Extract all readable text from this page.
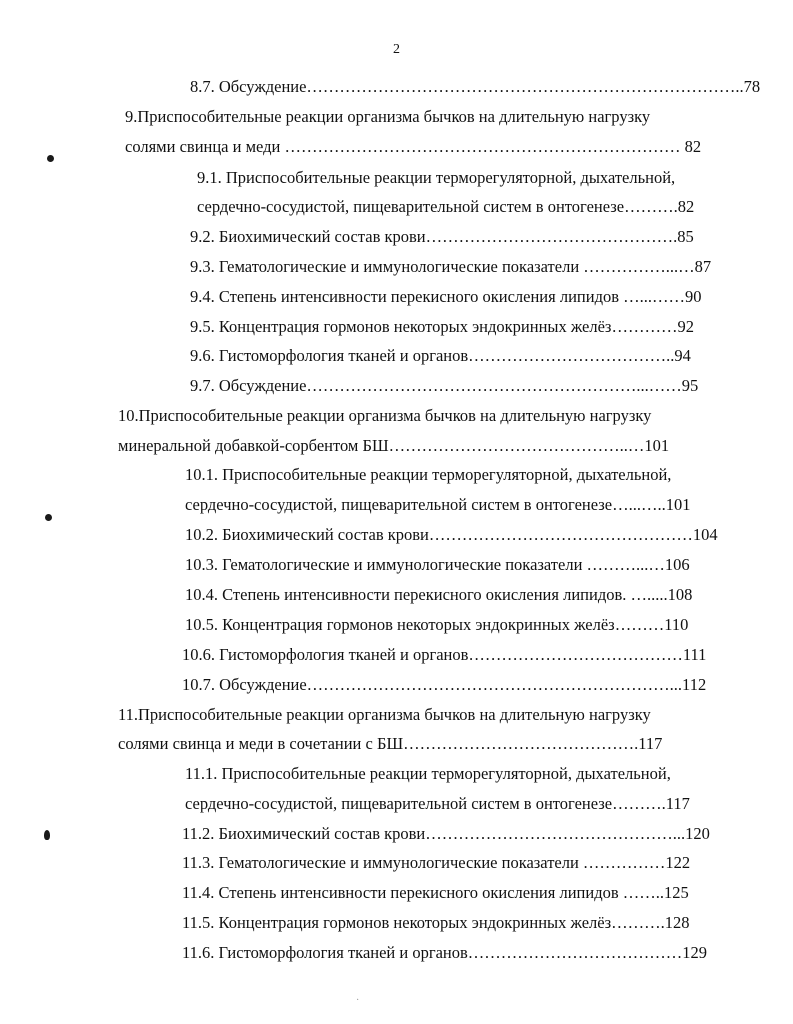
2
8.7. Обсуждение……………………………………………………………………..78
9.Приспособительные реакции организма бычков на длительную нагрузку
солями свинца и меди ……………………………………………………………… 82
9.1. Приспособительные реакции терморегуляторной, дыхательной,
сердечно-сосудистой, пищеварительной систем в онтогенезе……….82
9.2. Биохимический состав крови……………………………………….85
9.3. Гематологические и иммунологические показатели ……………...…87
9.4. Степень интенсивности перекисного окисления липидов …...……90
9.5. Концентрация гормонов некоторых эндокринных желёз…………92
9.6. Гистоморфология тканей и органов………………………………..94
9.7. Обсуждение……………………………………………………...……95
10.Приспособительные реакции организма бычков на длительную нагрузку
минеральной добавкой-сорбентом БШ……………………………………..…101
10.1. Приспособительные реакции терморегуляторной, дыхательной,
сердечно-сосудистой, пищеварительной систем в онтогенезе…...…..101
10.2. Биохимический состав крови…………………………………………104
10.3. Гематологические и иммунологические показатели ………...…106
10.4. Степень интенсивности перекисного окисления липидов. ….....108
10.5. Концентрация гормонов некоторых эндокринных желёз………110
10.6. Гистоморфология тканей и органов…………………………………111
10.7. Обсуждение…………………………………………………………...112
11.Приспособительные реакции организма бычков на длительную нагрузку
солями свинца и меди в сочетании с БШ…………………………………….117
11.1. Приспособительные реакции терморегуляторной, дыхательной,
сердечно-сосудистой, пищеварительной систем в онтогенезе……….117
11.2. Биохимический состав крови………………………………………...120
11.3. Гематологические и иммунологические показатели ……………122
11.4. Степень интенсивности перекисного окисления липидов ……..125
11.5. Концентрация гормонов некоторых эндокринных желёз……….128
11.6. Гистоморфология тканей и органов…………………………………129
·
